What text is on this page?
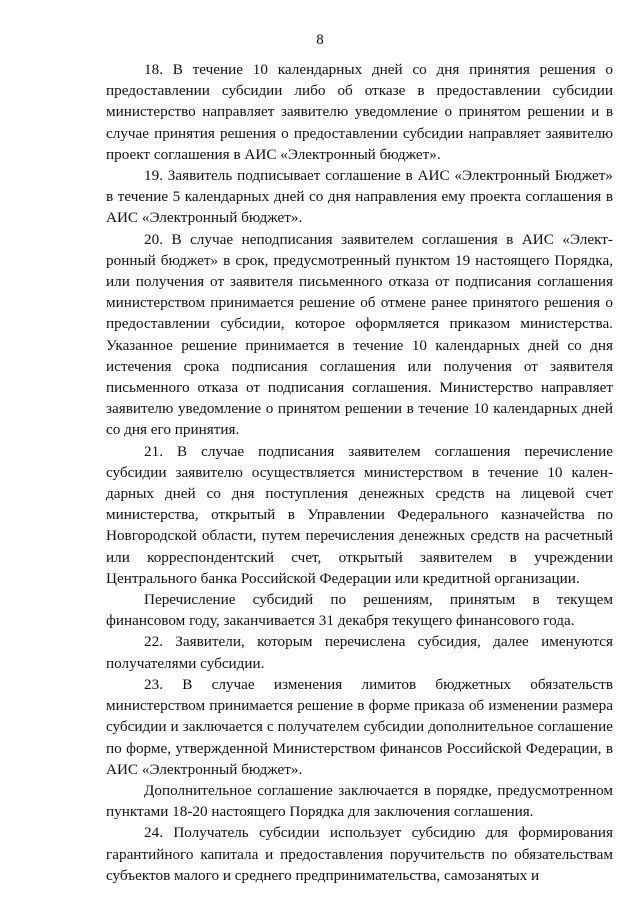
8

18. В течение 10 календарных дней со дня принятия решения о предоставлении субсидии либо об отказе в предоставлении субсидии министерство направляет заявителю уведомление о принятом решении и в случае принятия решения о предоставлении субсидии направляет заявителю проект соглашения в АИС «Электронный бюджет».

19. Заявитель подписывает соглашение в АИС «Электронный Бюджет» в течение 5 календарных дней со дня направления ему проекта соглашения в АИС «Электронный бюджет».

20. В случае неподписания заявителем соглашения в АИС «Элект-ронный бюджет» в срок, предусмотренный пунктом 19 настоящего Порядка, или получения от заявителя письменного отказа от подписания соглашения министерством принимается решение об отмене ранее принятого решения о предоставлении субсидии, которое оформляется приказом министерства. Указанное решение принимается в течение 10 календарных дней со дня истечения срока подписания соглашения или получения от заявителя письменного отказа от подписания соглашения. Министерство направляет заявителю уведомление о принятом решении в течение 10 календарных дней со дня его принятия.

21. В случае подписания заявителем соглашения перечисление субсидии заявителю осуществляется министерством в течение 10 кален-дарных дней со дня поступления денежных средств на лицевой счет министерства, открытый в Управлении Федерального казначейства по Новгородской области, путем перечисления денежных средств на расчетный или корреспондентский счет, открытый заявителем в учреждении Центрального банка Российской Федерации или кредитной организации.

Перечисление субсидий по решениям, принятым в текущем финансовом году, заканчивается 31 декабря текущего финансового года.

22. Заявители, которым перечислена субсидия, далее именуются получателями субсидии.

23. В случае изменения лимитов бюджетных обязательств министерством принимается решение в форме приказа об изменении размера субсидии и заключается с получателем субсидии дополнительное соглашение по форме, утвержденной Министерством финансов Российской Федерации, в АИС «Электронный бюджет».

Дополнительное соглашение заключается в порядке, предусмотренном пунктами 18-20 настоящего Порядка для заключения соглашения.

24. Получатель субсидии использует субсидию для формирования гарантийного капитала и предоставления поручительств по обязательствам субъектов малого и среднего предпринимательства, самозанятых и
